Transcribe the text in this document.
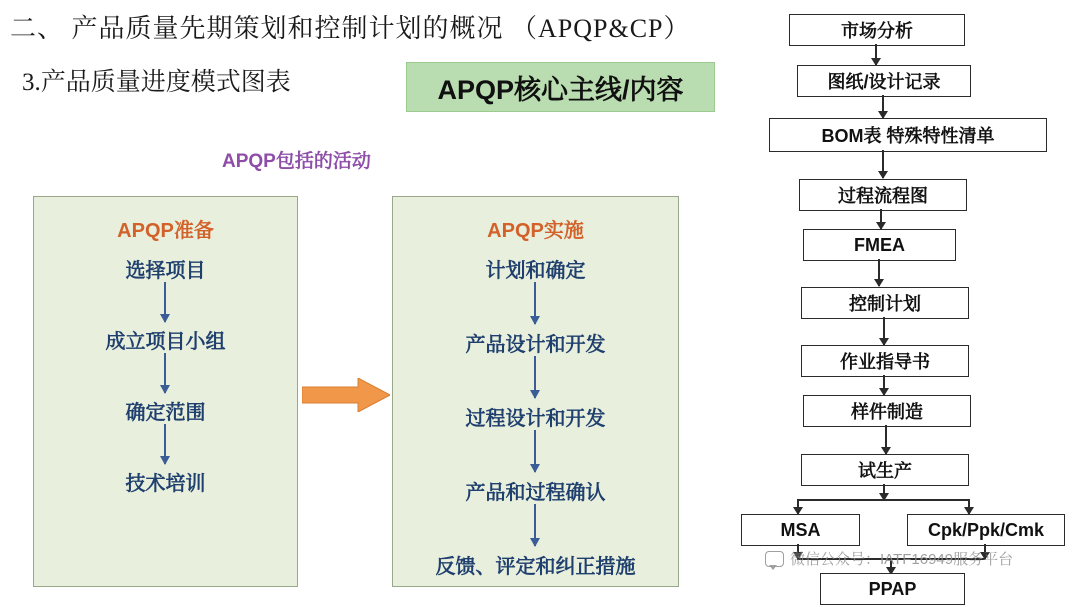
二、 产品质量先期策划和控制计划的概况 （APQP&CP）
3.产品质量进度模式图表	APQP核心主线/内容
APQP包括的活动
APQP准备
选择项目
成立项目小组
确定范围
技术培训
APQP实施
计划和确定
产品设计和开发
过程设计和开发
产品和过程确认
反馈、评定和纠正措施
市场分析
图纸/设计记录
BOM表 特殊特性清单
过程流程图
FMEA
控制计划
作业指导书
样件制造
试生产
MSA	Cpk/Ppk/Cmk
PPAP
微信公众号：IATF16949服务平台
